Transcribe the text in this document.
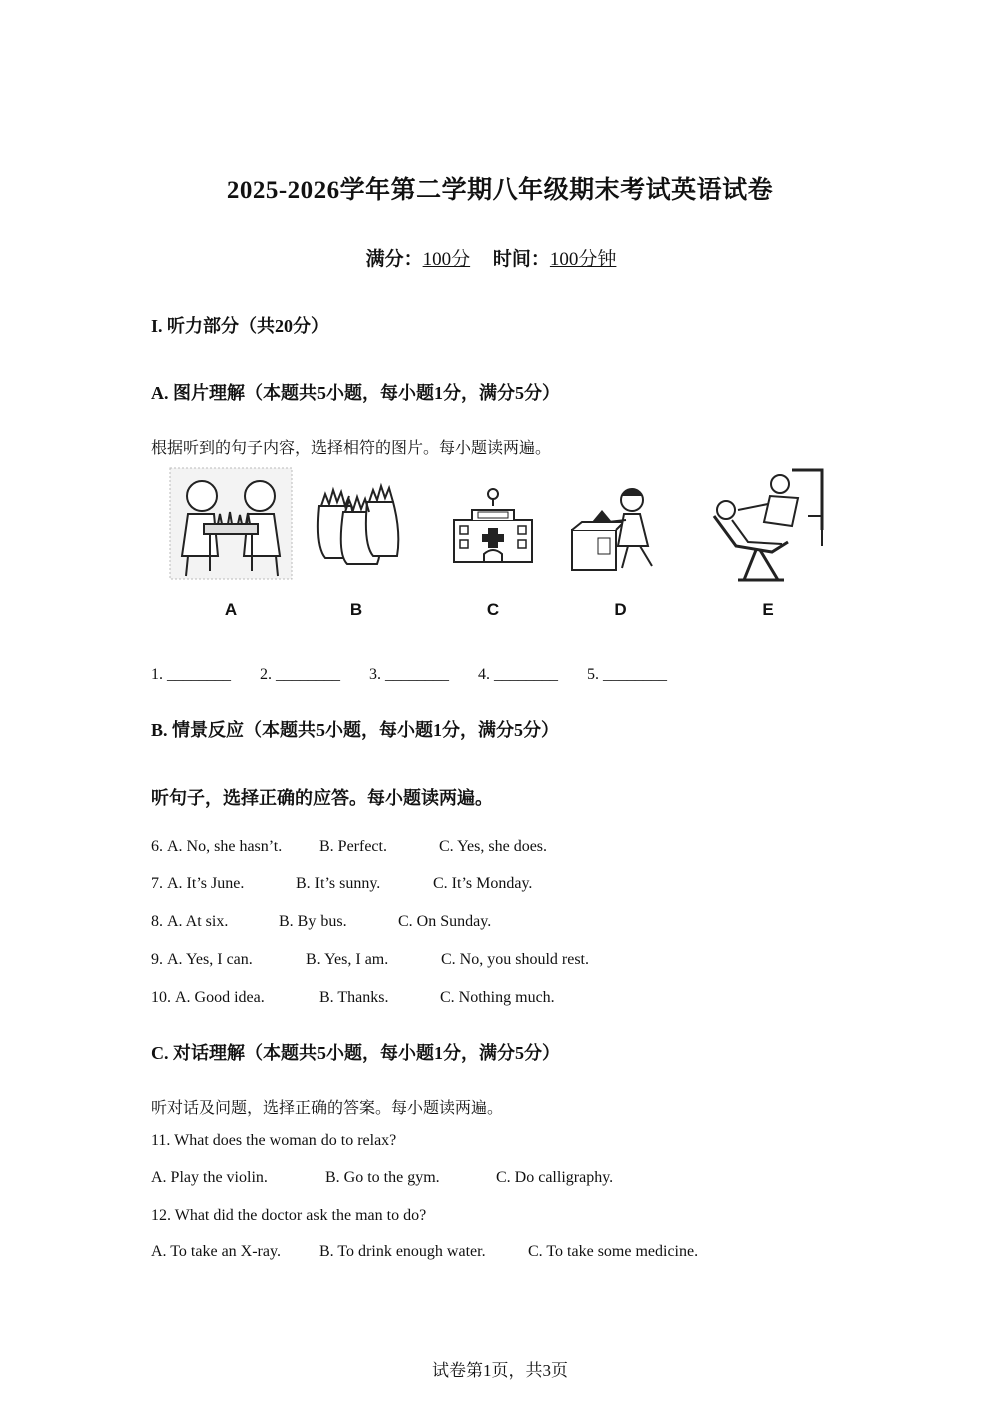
2025-2026学年第二学期八年级期末考试英语试卷
满分：100分 时间：100分钟
I. 听力部分（共20分）
A. 图片理解（本题共5小题，每小题1分，满分5分）
根据听到的句子内容，选择相符的图片。每小题读两遍。
A	B	C	D	E
1. ________ 2. ________ 3. ________ 4. ________ 5. ________
B. 情景反应（本题共5小题，每小题1分，满分5分）
听句子，选择正确的应答。每小题读两遍。
6. A. No, she hasn’t. B. Perfect.	C. Yes, she does.
7. A. It’s June.	B. It’s sunny.	C. It’s Monday.
8. A. At six.	B. By bus.	C. On Sunday.
9. A. Yes, I can.	B. Yes, I am.	C. No, you should rest.
10. A. Good idea.	B. Thanks.	C. Nothing much.
C. 对话理解（本题共5小题，每小题1分，满分5分）
听对话及问题，选择正确的答案。每小题读两遍。
11. What does the woman do to relax?
A. Play the violin.	B. Go to the gym.	C. Do calligraphy.
12. What did the doctor ask the man to do?
A. To take an X-ray. B. To drink enough water.	C. To take some medicine.
试卷第1页，共3页
